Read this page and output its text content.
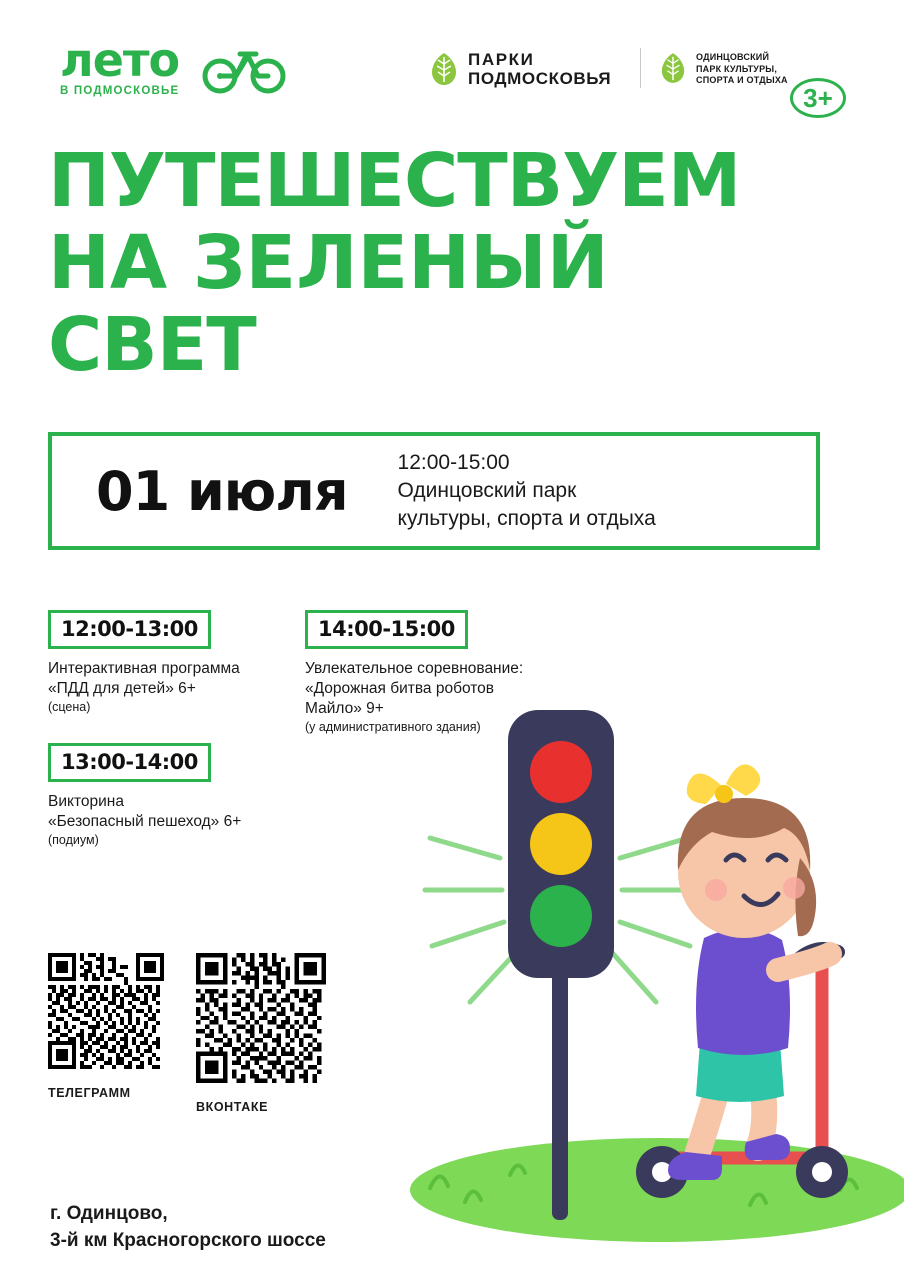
лето
В ПОДМОСКОВЬЕ
ПАРКИ
ПОДМОСКОВЬЯ
ОДИНЦОВСКИЙ
ПАРК КУЛЬТУРЫ,
СПОРТА И ОТДЫХА
3+
ПУТЕШЕСТВУЕМ
НА ЗЕЛЕНЫЙ
СВЕТ
01 июля 12:00-15:00
Одинцовский парк
культуры, спорта и отдыха
12:00-13:00
Интерактивная программа
«ПДД для детей» 6+
(сцена)
13:00-14:00
Викторина
«Безопасный пешеход» 6+
(подиум)
14:00-15:00
Увлекательное соревнование:
«Дорожная битва роботов
Майло» 9+
(у административного здания)
ТЕЛЕГРАММ
ВКОНТАКЕ
г. Одинцово,
3-й км Красногорского шоссе
